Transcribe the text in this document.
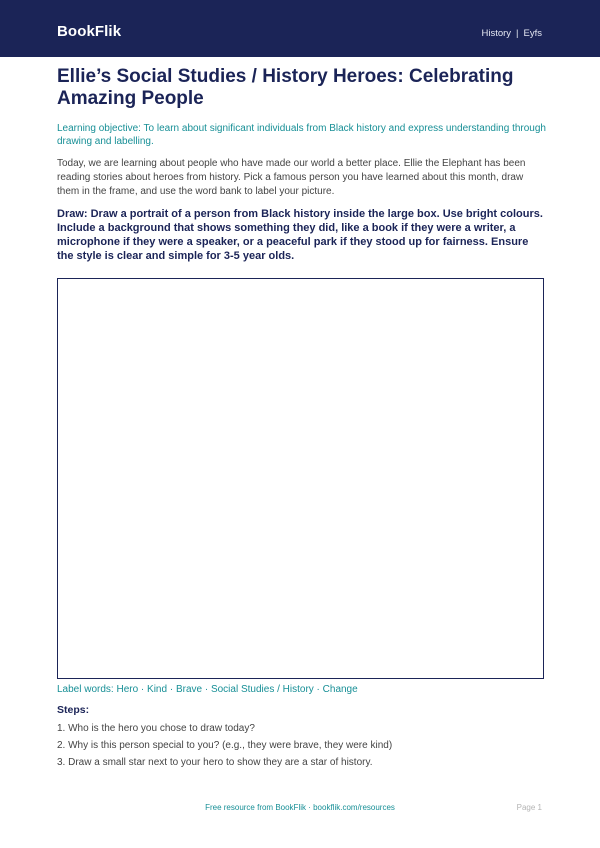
BookFlik	History | Eyfs
Ellie’s Social Studies / History Heroes: Celebrating Amazing People

Learning objective: To learn about significant individuals from Black history and express understanding through drawing and labelling.

Today, we are learning about people who have made our world a better place. Ellie the Elephant has been reading stories about heroes from history. Pick a famous person you have learned about this month, draw them in the frame, and use the word bank to label your picture.

Draw: Draw a portrait of a person from Black history inside the large box. Use bright colours. Include a background that shows something they did, like a book if they were a writer, a microphone if they were a speaker, or a peaceful park if they stood up for fairness. Ensure the style is clear and simple for 3-5 year olds.

Label words: Hero · Kind · Brave · Social Studies / History · Change

Steps:
1. Who is the hero you chose to draw today?
2. Why is this person special to you? (e.g., they were brave, they were kind)
3. Draw a small star next to your hero to show they are a star of history.
Free resource from BookFlik · bookflik.com/resources	Page 1
